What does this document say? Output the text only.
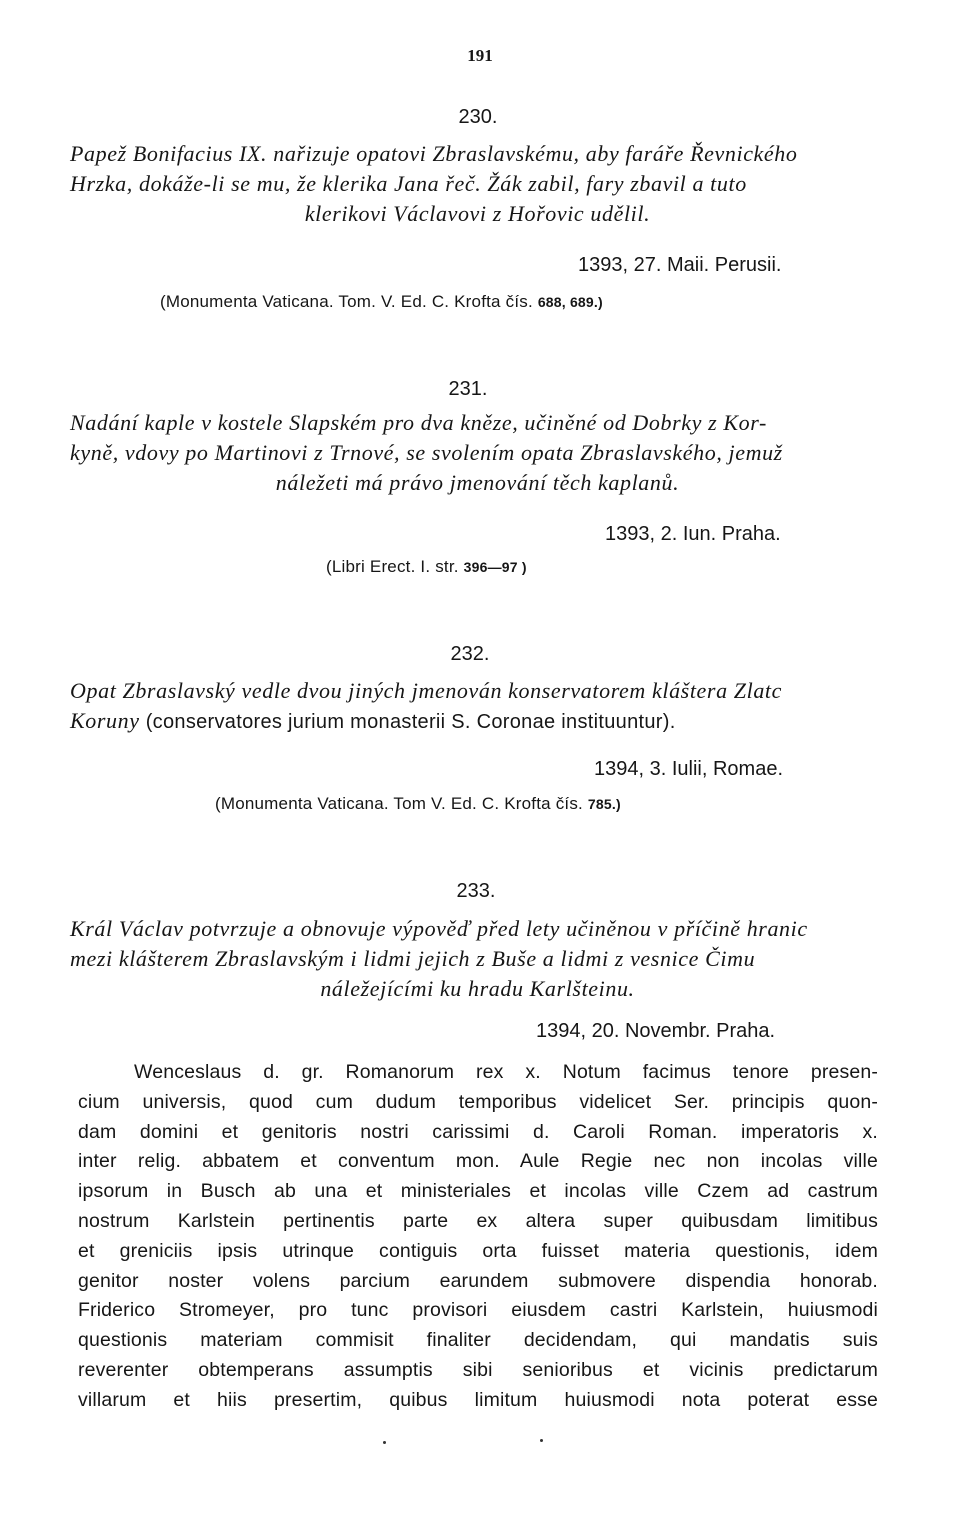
191
230.
Papež Bonifacius IX. nařizuje opatovi Zbraslavskému, aby faráře Řevnického
Hrzka, dokáže-li se mu, že klerika Jana řeč. Žák zabil, fary zbavil a tuto
klerikovi Václavovi z Hořovic udělil.
1393, 27. Maii. Perusii.
(Monumenta Vaticana. Tom. V. Ed. C. Krofta čís. 688, 689.)
231.
Nadání kaple v kostele Slapském pro dva kněze, učiněné od Dobrky z Kor-
kyně, vdovy po Martinovi z Trnové, se svolením opata Zbraslavského, jemuž
náležeti má právo jmenování těch kaplanů.
1393, 2. Iun. Praha.
(Libri Erect. I. str. 396—97 )
232.
Opat Zbraslavský vedle dvou jiných jmenován konservatorem kláštera Zlatc
Koruny (conservatores jurium monasterii S. Coronae instituuntur).
1394, 3. Iulii, Romae.
(Monumenta Vaticana. Tom V. Ed. C. Krofta čís. 785.)
233.
Král Václav potvrzuje a obnovuje výpověď před lety učiněnou v příčině hranic
mezi klášterem Zbraslavským i lidmi jejich z Buše a lidmi z vesnice Čimu
náležejícími ku hradu Karlšteinu.
1394, 20. Novembr. Praha.
Wenceslaus d. gr. Romanorum rex x. Notum facimus tenore presen-
cium universis, quod cum dudum temporibus videlicet Ser. principis quon-
dam domini et genitoris nostri carissimi d. Caroli Roman. imperatoris x.
inter relig. abbatem et conventum mon. Aule Regie nec non incolas ville
ipsorum in Busch ab una et ministeriales et incolas ville Czem ad castrum
nostrum Karlstein pertinentis parte ex altera super quibusdam limitibus
et greniciis ipsis utrinque contiguis orta fuisset materia questionis, idem
genitor noster volens parcium earundem submovere dispendia honorab.
Friderico Stromeyer, pro tunc provisori eiusdem castri Karlstein, huiusmodi
questionis materiam commisit finaliter decidendam, qui mandatis suis
reverenter obtemperans assumptis sibi senioribus et vicinis predictarum
villarum et hiis presertim, quibus limitum huiusmodi nota poterat esse
